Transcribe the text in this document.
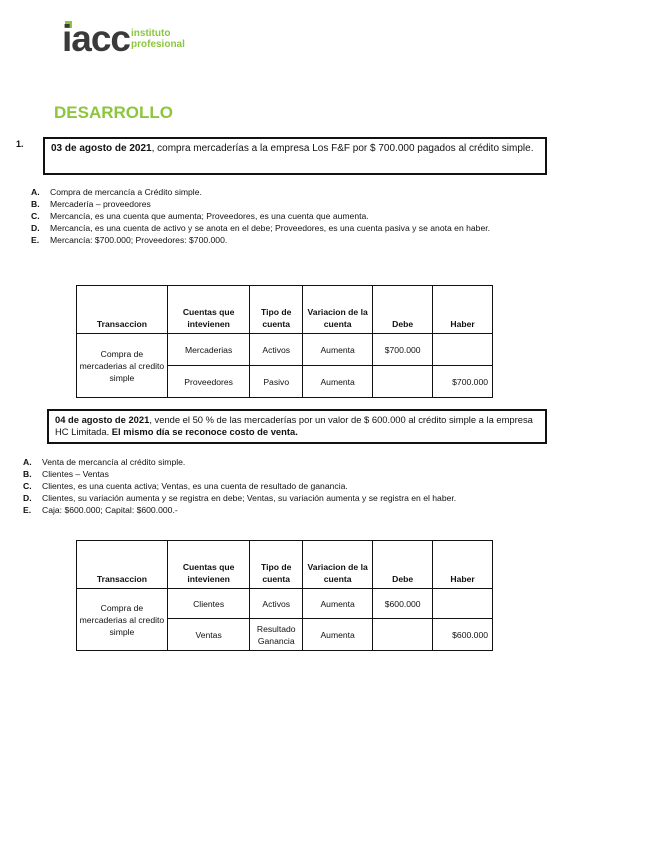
iacc instituto
profesional
DESARROLLO
1.	03 de agosto de 2021, compra mercaderías a la empresa Los F&F por $ 700.000 pagados al crédito simple.
A. Compra de mercancía a Crédito simple.
B. Mercadería – proveedores
C. Mercancía, es una cuenta que aumenta; Proveedores, es una cuenta que aumenta.
D. Mercancía, es una cuenta de activo y se anota en el debe; Proveedores, es una cuenta pasiva y se anota en haber.
E. Mercancía: $700.000; Proveedores: $700.000.
Transaccion	Cuentas que intevienen	Tipo de cuenta	Variacion de la cuenta	Debe	Haber
Compra de mercaderias al credito simple	Mercaderias	Activos	Aumenta	$700.000	
	Proveedores	Pasivo	Aumenta		$700.000
04 de agosto de 2021, vende el 50 % de las mercaderías por un valor de $ 600.000 al crédito simple a la empresa HC Limitada. El mismo día se reconoce costo de venta.
A. Venta de mercancía al crédito simple.
B. Clientes – Ventas
C. Clientes, es una cuenta activa; Ventas, es una cuenta de resultado de ganancia.
D. Clientes, su variación aumenta y se registra en debe; Ventas, su variación aumenta y se registra en el haber.
E. Caja: $600.000; Capital: $600.000.-
Transaccion	Cuentas que intevienen	Tipo de cuenta	Variacion de la cuenta	Debe	Haber
Compra de mercaderias al credito simple	Clientes	Activos	Aumenta	$600.000	
	Ventas	Resultado Ganancia	Aumenta		$600.000
